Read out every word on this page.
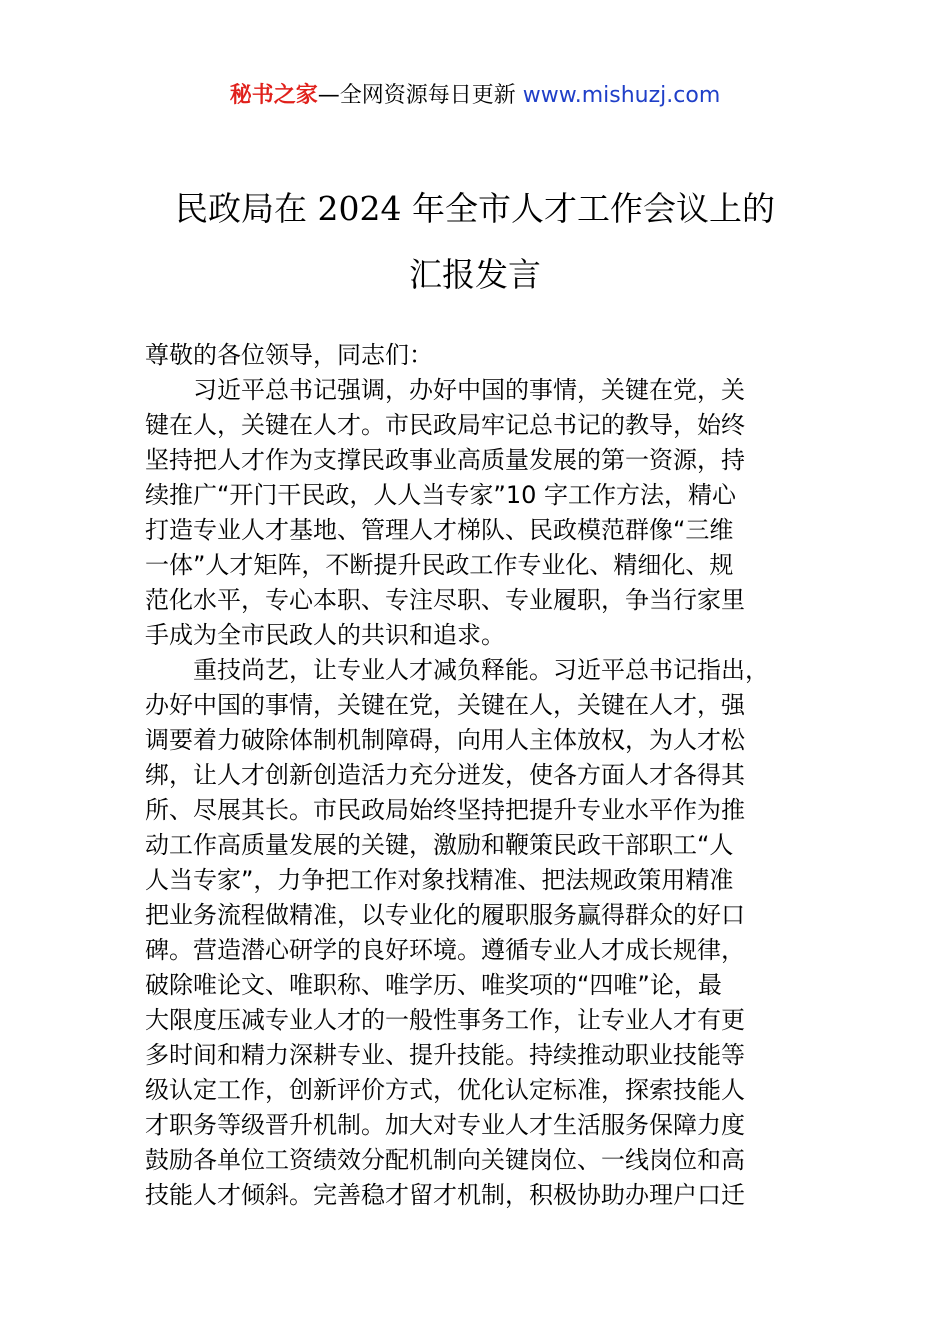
秘书之家—全网资源每日更新 www.mishuzj.com
民政局在 2024 年全市人才工作会议上的
汇报发言
尊敬的各位领导，同志们：
　　习近平总书记强调，办好中国的事情，关键在党，关
键在人，关键在人才。市民政局牢记总书记的教导，始终
坚持把人才作为支撑民政事业高质量发展的第一资源，持
续推广“开门干民政，人人当专家”10 字工作方法，精心
打造专业人才基地、管理人才梯队、民政模范群像“三维
一体”人才矩阵，不断提升民政工作专业化、精细化、规
范化水平，专心本职、专注尽职、专业履职，争当行家里
手成为全市民政人的共识和追求。
　　重技尚艺，让专业人才减负释能。习近平总书记指出，
办好中国的事情，关键在党，关键在人，关键在人才，强
调要着力破除体制机制障碍，向用人主体放权，为人才松
绑，让人才创新创造活力充分迸发，使各方面人才各得其
所、尽展其长。市民政局始终坚持把提升专业水平作为推
动工作高质量发展的关键，激励和鞭策民政干部职工“人
人当专家”，力争把工作对象找精准、把法规政策用精准
把业务流程做精准，以专业化的履职服务赢得群众的好口
碑。营造潜心研学的良好环境。遵循专业人才成长规律，
破除唯论文、唯职称、唯学历、唯奖项的“四唯”论，最
大限度压减专业人才的一般性事务工作，让专业人才有更
多时间和精力深耕专业、提升技能。持续推动职业技能等
级认定工作，创新评价方式，优化认定标准，探索技能人
才职务等级晋升机制。加大对专业人才生活服务保障力度
鼓励各单位工资绩效分配机制向关键岗位、一线岗位和高
技能人才倾斜。完善稳才留才机制，积极协助办理户口迁
